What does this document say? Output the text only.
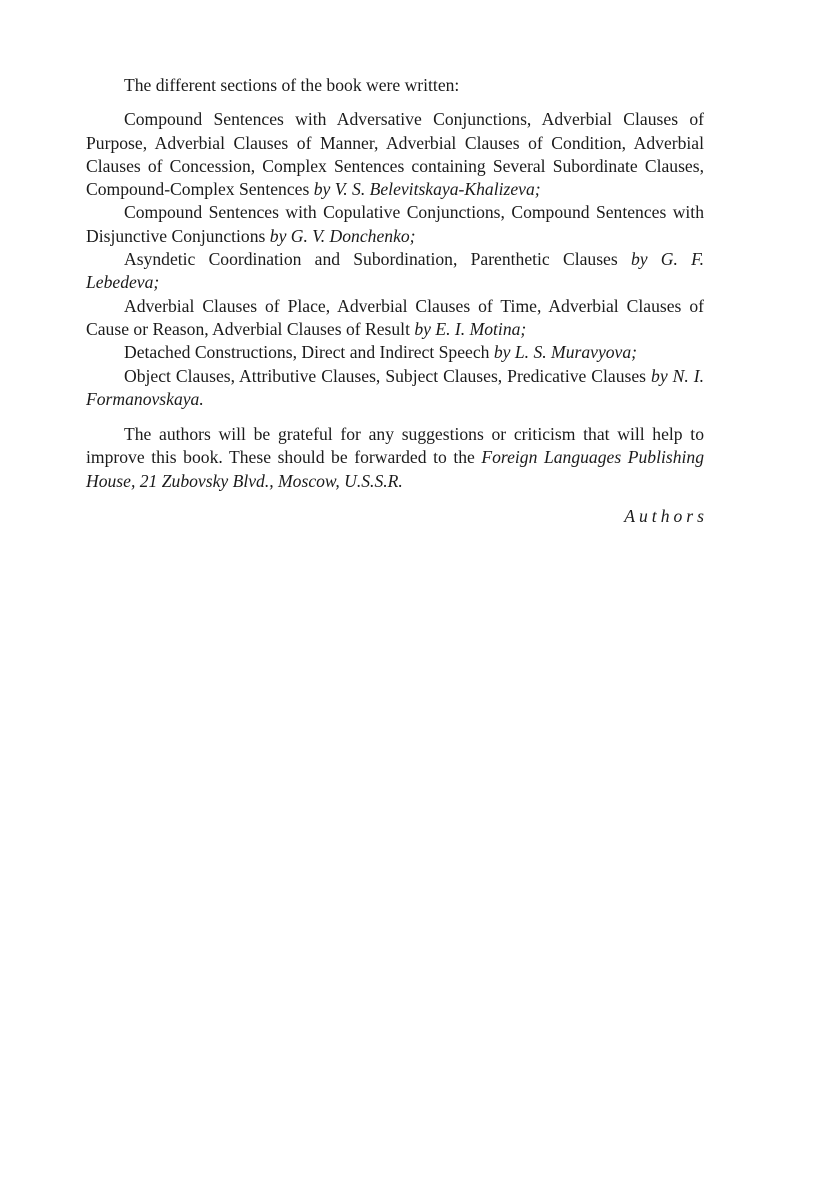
The different sections of the book were written:

Compound Sentences with Adversative Conjunctions, Adverbial Clauses of Purpose, Adverbial Clauses of Manner, Adverbial Clauses of Condition, Adverbial Clauses of Concession, Complex Sentences containing Several Subordinate Clauses, Compound-Complex Sentences by V. S. Belevitskaya-Khalizeva;

Compound Sentences with Copulative Conjunctions, Compound Sentences with Disjunctive Conjunctions by G. V. Donchenko;

Asyndetic Coordination and Subordination, Parenthetic Clauses by G. F. Lebedeva;

Adverbial Clauses of Place, Adverbial Clauses of Time, Adverbial Clauses of Cause or Reason, Adverbial Clauses of Result by E. I. Motina;

Detached Constructions, Direct and Indirect Speech by L. S. Muravyova;

Object Clauses, Attributive Clauses, Subject Clauses, Predicative Clauses by N. I. Formanovskaya.

The authors will be grateful for any suggestions or criticism that will help to improve this book. These should be forwarded to the Foreign Languages Publishing House, 21 Zubovsky Blvd., Moscow, U.S.S.R.

Authors
